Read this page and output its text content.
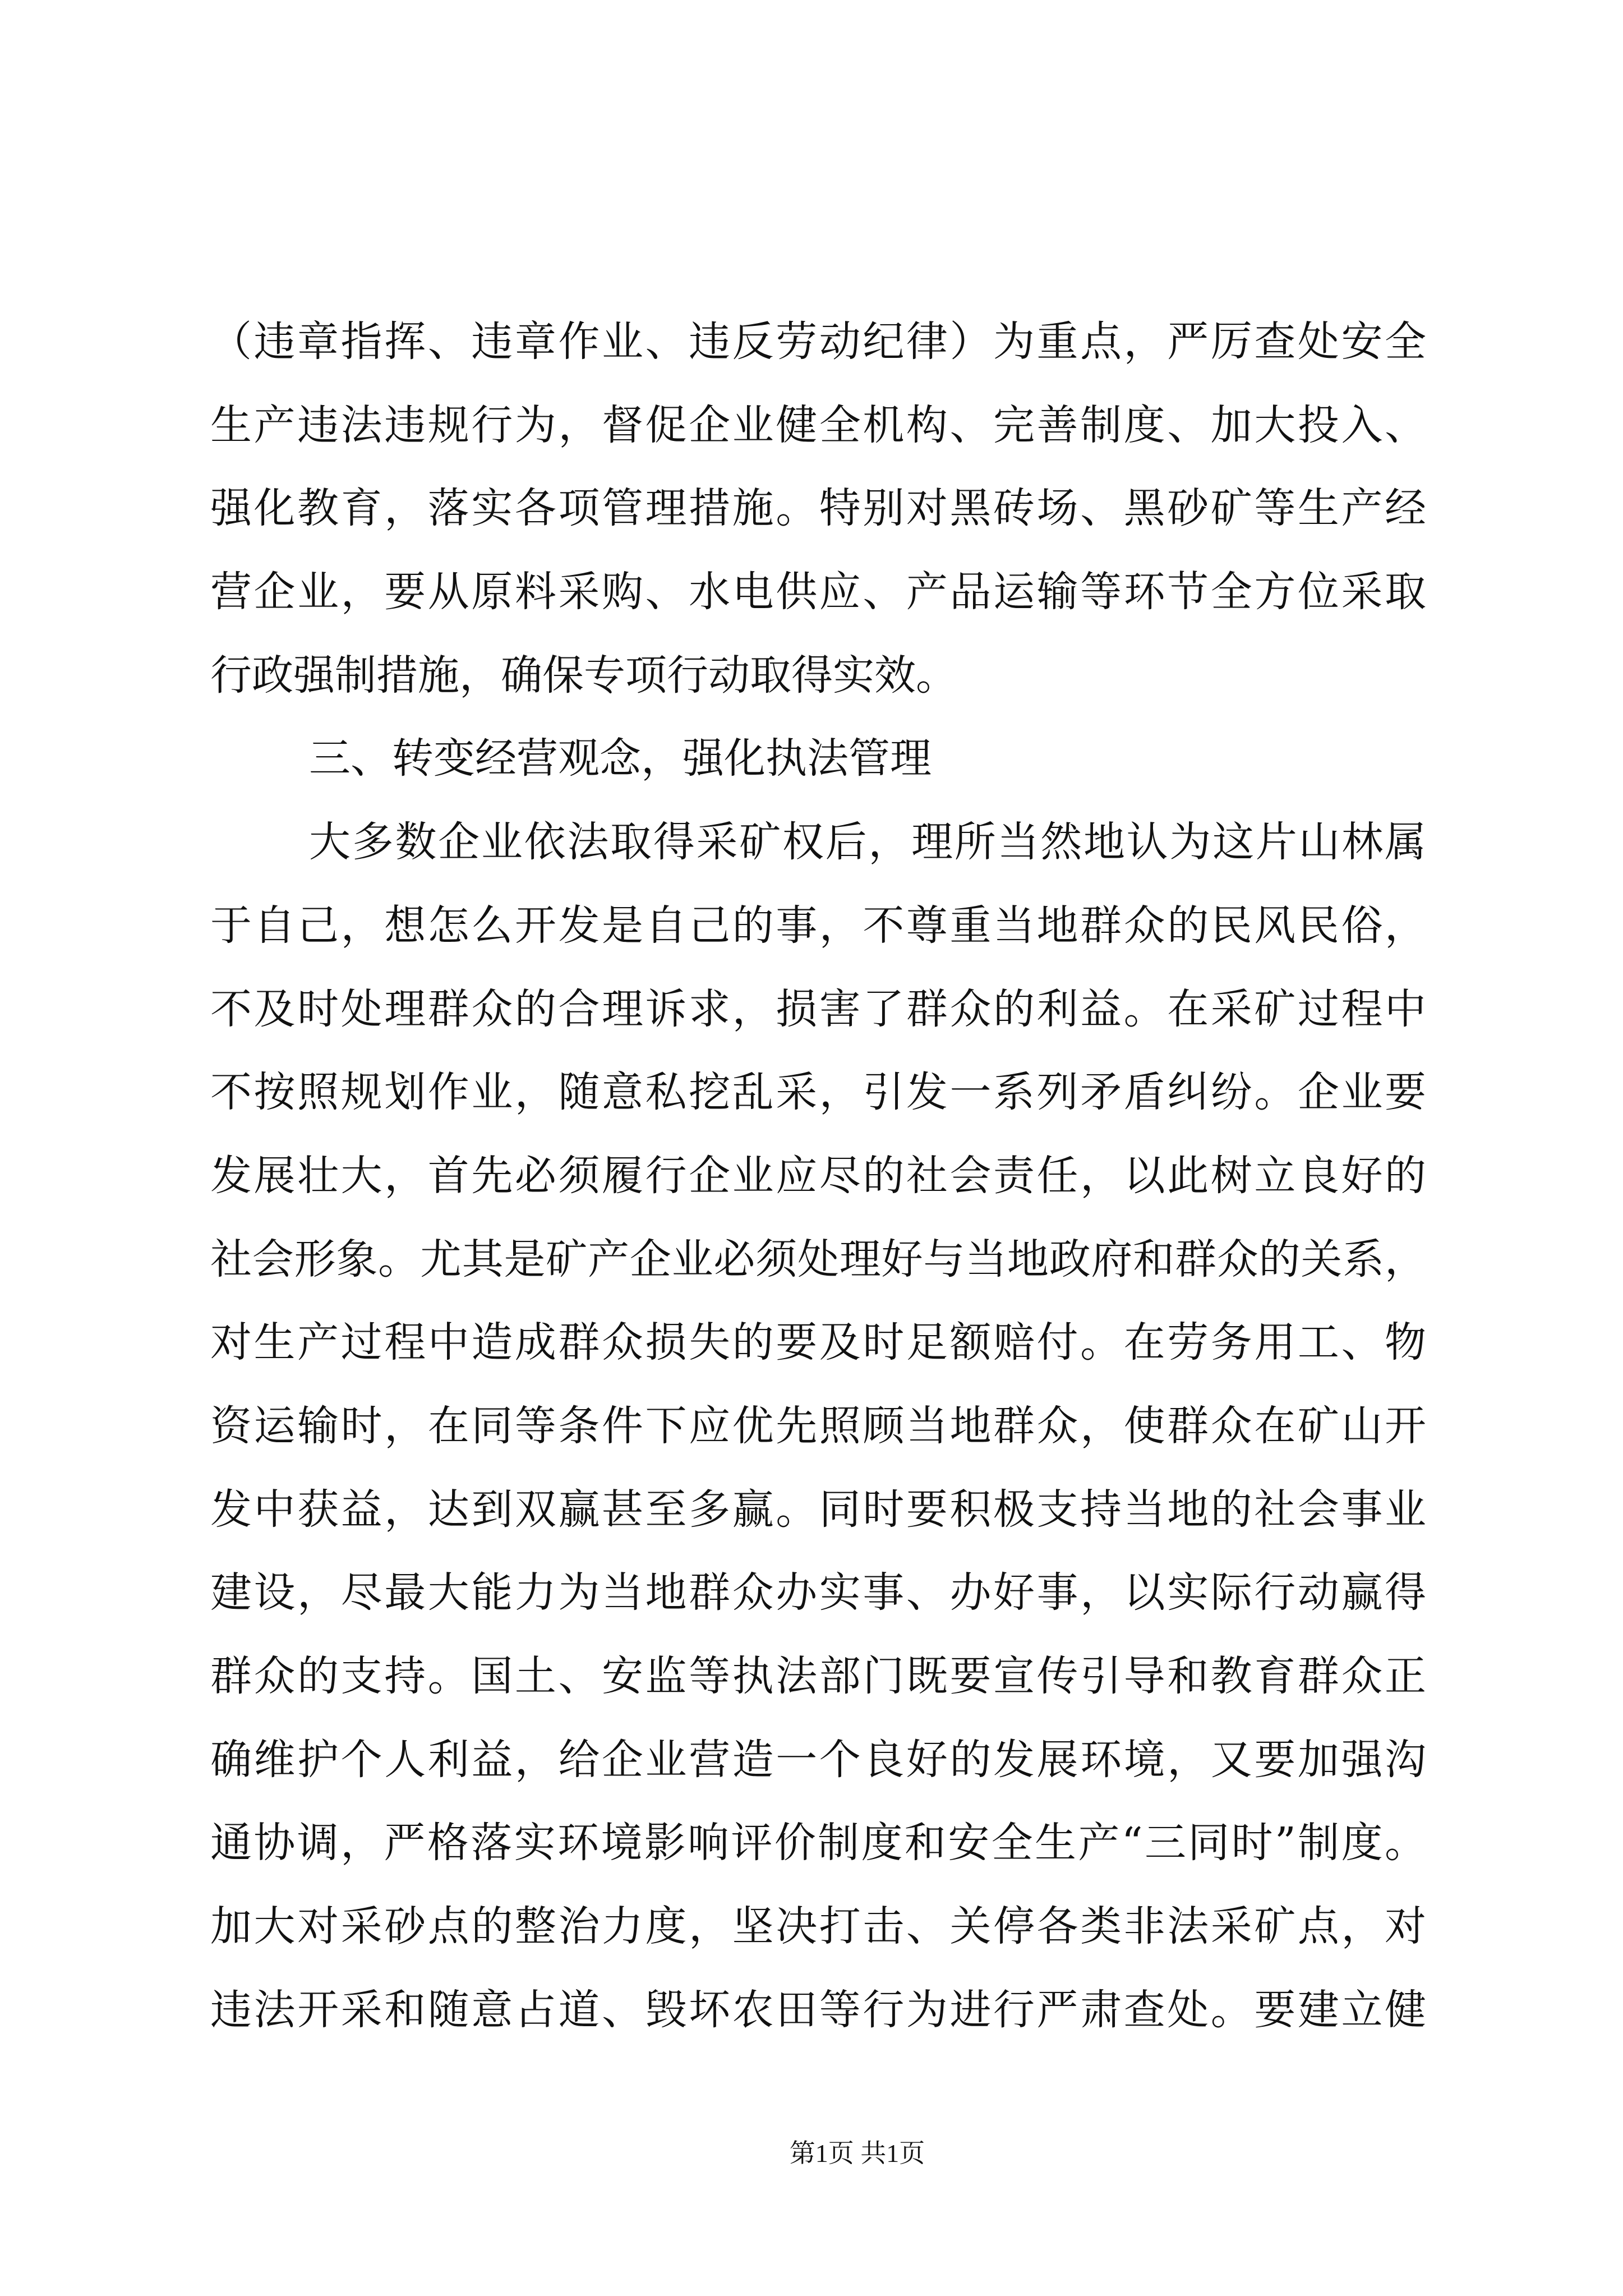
（违章指挥、违章作业、违反劳动纪律）为重点，严厉查处安全
生产违法违规行为，督促企业健全机构、完善制度、加大投入、
强化教育，落实各项管理措施。特别对黑砖场、黑砂矿等生产经
营企业，要从原料采购、水电供应、产品运输等环节全方位采取
行政强制措施，确保专项行动取得实效。
三、转变经营观念，强化执法管理
大多数企业依法取得采矿权后，理所当然地认为这片山林属
于自己，想怎么开发是自己的事，不尊重当地群众的民风民俗，
不及时处理群众的合理诉求，损害了群众的利益。在采矿过程中
不按照规划作业，随意私挖乱采，引发一系列矛盾纠纷。企业要
发展壮大，首先必须履行企业应尽的社会责任，以此树立良好的
社会形象。尤其是矿产企业必须处理好与当地政府和群众的关系，
对生产过程中造成群众损失的要及时足额赔付。在劳务用工、物
资运输时，在同等条件下应优先照顾当地群众，使群众在矿山开
发中获益，达到双赢甚至多赢。同时要积极支持当地的社会事业
建设，尽最大能力为当地群众办实事、办好事，以实际行动赢得
群众的支持。国土、安监等执法部门既要宣传引导和教育群众正
确维护个人利益，给企业营造一个良好的发展环境，又要加强沟
通协调，严格落实环境影响评价制度和安全生产“三同时”制度。
加大对采砂点的整治力度，坚决打击、关停各类非法采矿点，对
违法开采和随意占道、毁坏农田等行为进行严肃查处。要建立健
第1页 共1页
